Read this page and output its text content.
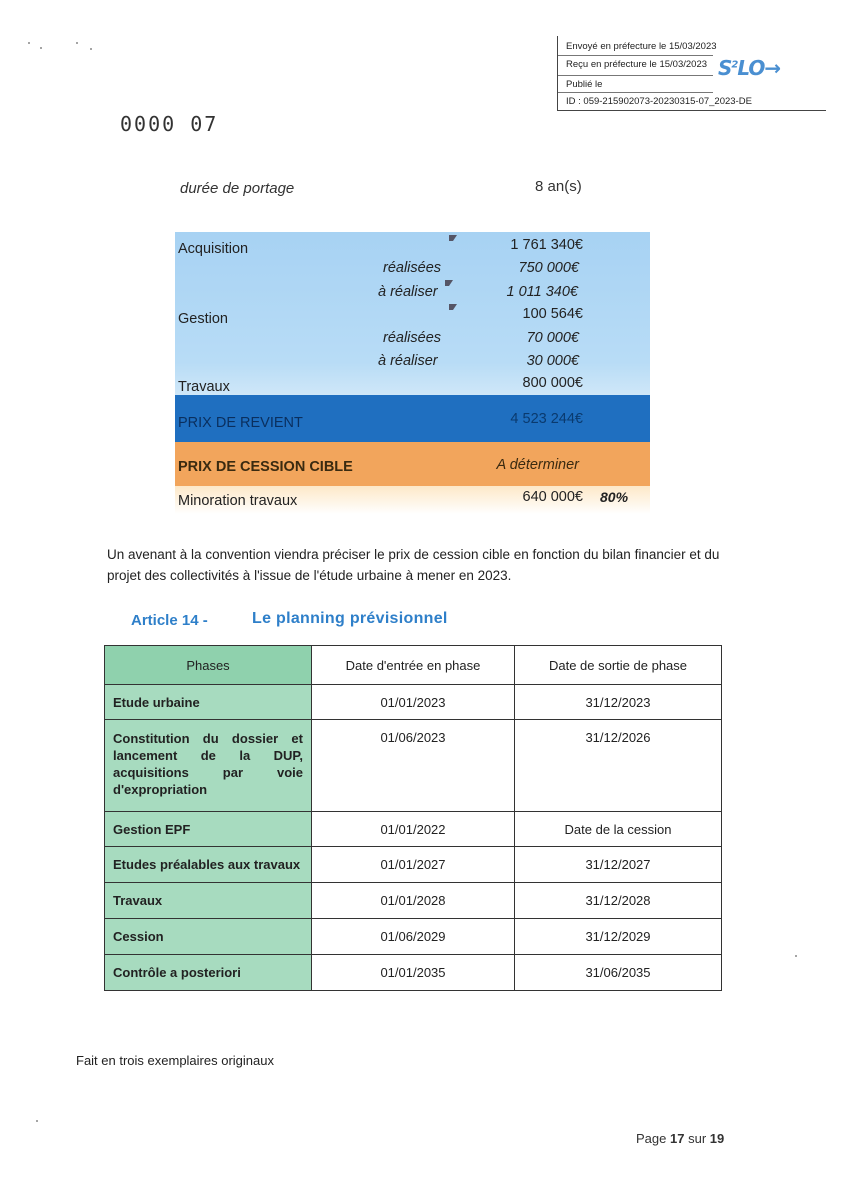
Envoyé en préfecture le 15/03/2023
Reçu en préfecture le 15/03/2023
Publié le
ID : 059-215902073-20230315-07_2023-DE
$S^2LO\to$
0000 07
durée de portage	8 an(s)
Acquisition	1 761 340€
réalisées	750 000€
à réaliser	1 011 340€
Gestion	100 564€
réalisées	70 000€
à réaliser	30 000€
Travaux	800 000€
PRIX DE REVIENT	4 523 244€
PRIX DE CESSION CIBLE	A déterminer
Minoration travaux	640 000€ 80%
Un avenant à la convention viendra préciser le prix de cession cible en fonction du bilan financier et du projet des collectivités à l'issue de l'étude urbaine à mener en 2023.
Article 14 -	Le planning prévisionnel
Phases	Date d'entrée en phase	Date de sortie de phase
Etude urbaine	01/01/2023	31/12/2023
Constitution du dossier et lancement de la DUP, acquisitions par voie d'expropriation	01/06/2023	31/12/2026
Gestion EPF	01/01/2022	Date de la cession
Etudes préalables aux travaux	01/01/2027	31/12/2027
Travaux	01/01/2028	31/12/2028
Cession	01/06/2029	31/12/2029
Contrôle a posteriori	01/01/2035	31/06/2035
Fait en trois exemplaires originaux
Page 17 sur 19
